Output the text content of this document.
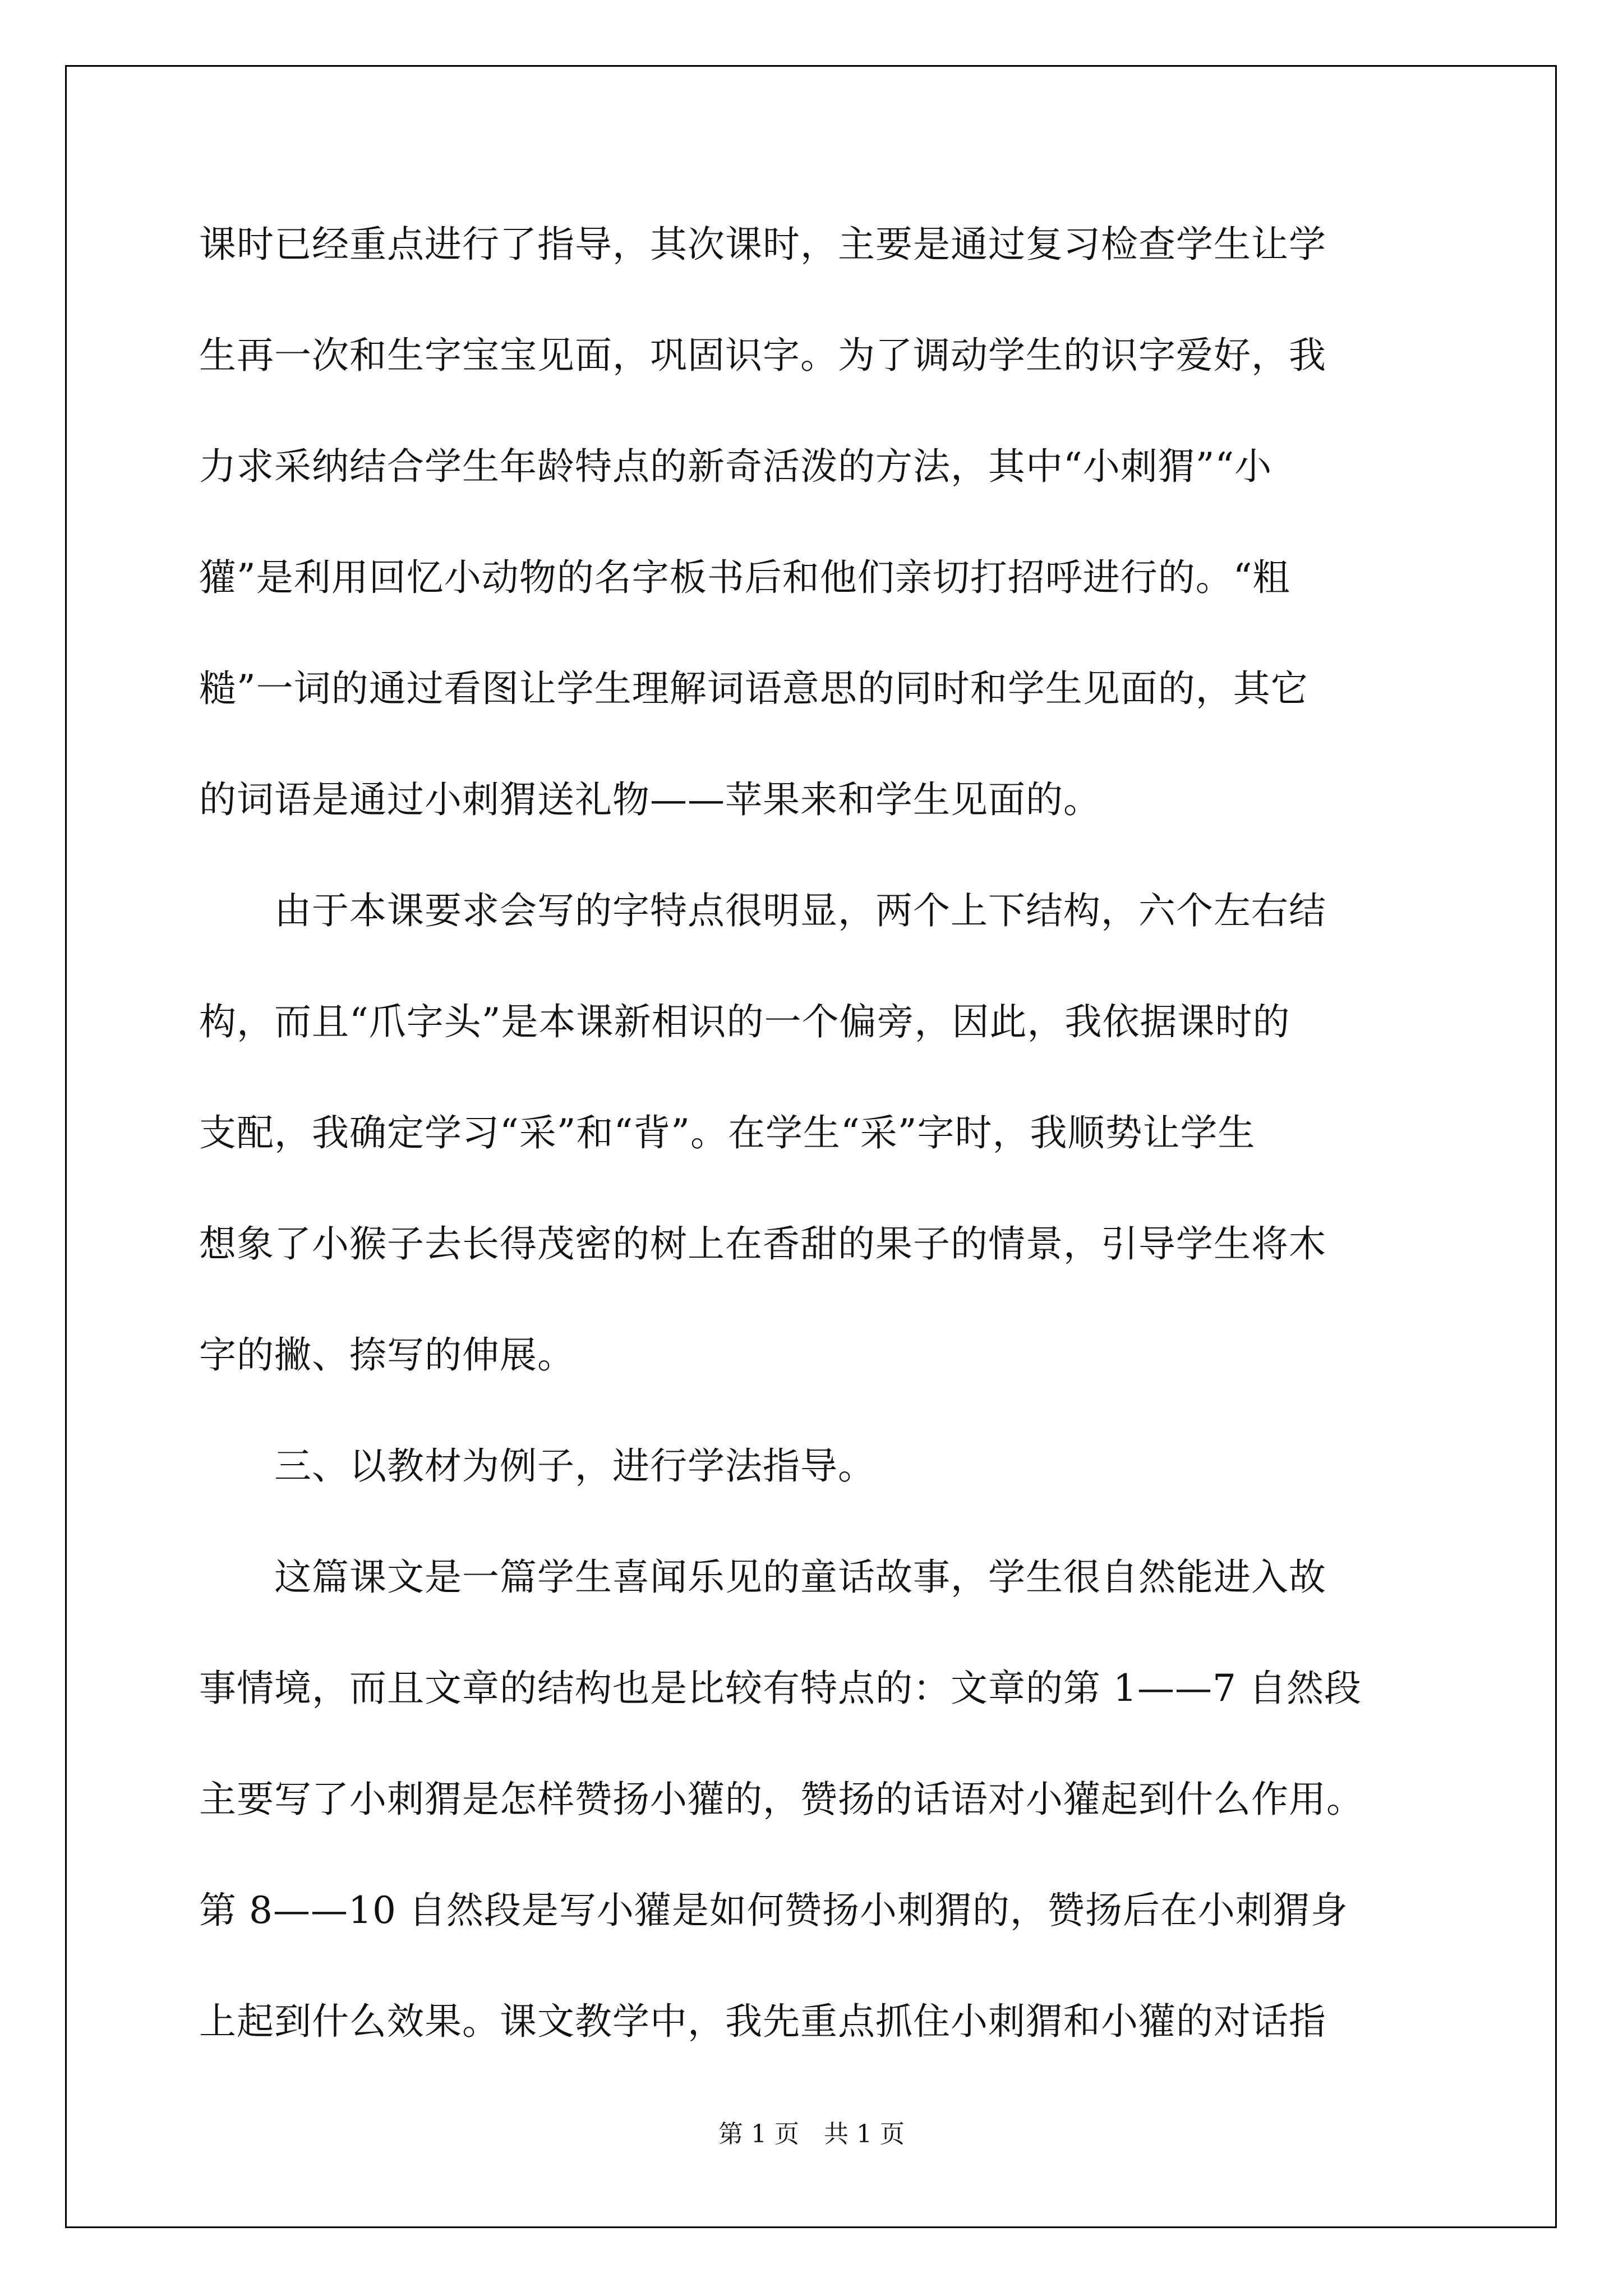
课时已经重点进行了指导，其次课时，主要是通过复习检查学生让学
生再一次和生字宝宝见面，巩固识字。为了调动学生的识字爱好，我
力求采纳结合学生年龄特点的新奇活泼的方法，其中“小刺猬”“小
獾”是利用回忆小动物的名字板书后和他们亲切打招呼进行的。“粗
糙”一词的通过看图让学生理解词语意思的同时和学生见面的，其它
的词语是通过小刺猬送礼物——苹果来和学生见面的。
　　由于本课要求会写的字特点很明显，两个上下结构，六个左右结
构，而且“爪字头”是本课新相识的一个偏旁，因此，我依据课时的
支配，我确定学习“采”和“背”。在学生“采”字时，我顺势让学生
想象了小猴子去长得茂密的树上在香甜的果子的情景，引导学生将木
字的撇、捺写的伸展。
　　三、以教材为例子，进行学法指导。
　　这篇课文是一篇学生喜闻乐见的童话故事，学生很自然能进入故
事情境，而且文章的结构也是比较有特点的：文章的第 1——7 自然段
主要写了小刺猬是怎样赞扬小獾的，赞扬的话语对小獾起到什么作用。
第 8——10 自然段是写小獾是如何赞扬小刺猬的，赞扬后在小刺猬身
上起到什么效果。课文教学中，我先重点抓住小刺猬和小獾的对话指
第 1 页　共 1 页
